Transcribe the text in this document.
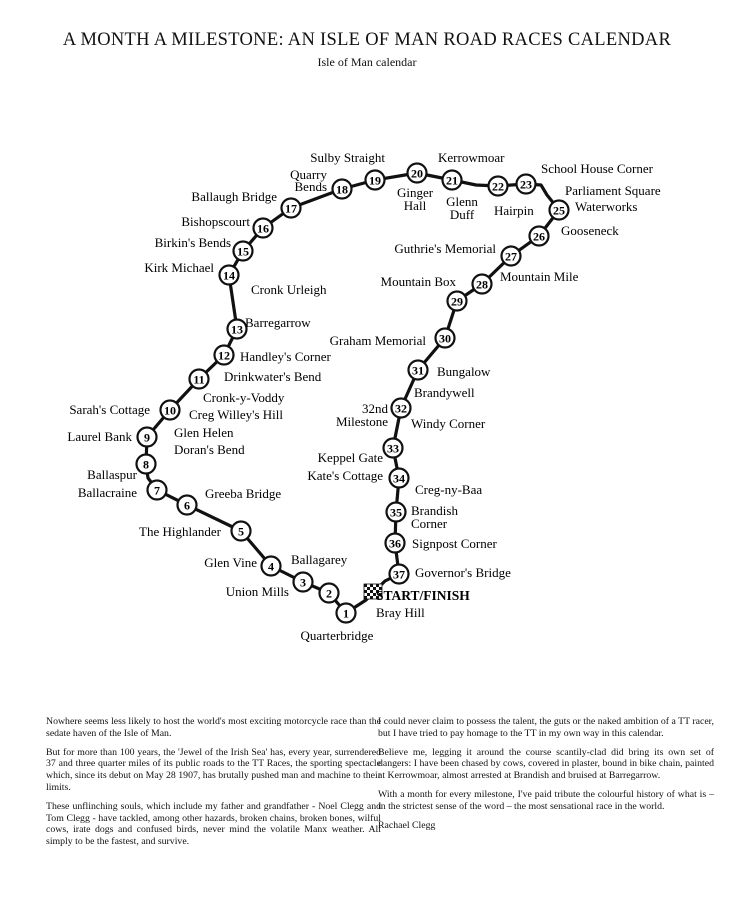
A MONTH A MILESTONE: AN ISLE OF MAN ROAD RACES CALENDAR
Isle of Man calendar
1
2
3
4
5
6
7
8
9
10
11
12
13
14
15
16
17
18
19	20 21	22 23
25
26
27
28
29
30
31
32
33
34
35
36
37
Quarterbridge
Union Mills
Ballagarey
Glen Vine
The Highlander
Greeba Bridge
Ballacraine
Ballaspur
Laurel Bank	Glen Helen
Doran's Bend
Sarah's Cottage
Cronk-y-Voddy
Creg Willey's Hill
Drinkwater's Bend
Handley's Corner
Barregarrow
Cronk Urleigh
Kirk Michael
Birkin's Bends
Bishopscourt
Ballaugh Bridge
Quarry
Bends
Sulby Straight
Ginger
Hall
Kerrowmoar
Glenn
Duff
School House Corner
Hairpin
Parliament Square
Waterworks
Gooseneck
Guthrie's Memorial
Mountain Mile
Mountain Box
Graham Memorial
Bungalow
Brandywell
32nd
Milestone Windy Corner
Keppel Gate
Kate's Cottage
Creg-ny-Baa
Brandish
Corner
Signpost Corner
Governor's Bridge
START/FINISH
Bray Hill

Nowhere seems less likely to host the world's most exciting motorcycle race than the sedate haven of the Isle of Man.

But for more than 100 years, the 'Jewel of the Irish Sea' has, every year, surrendered 37 and three quarter miles of its public roads to the TT Races, the sporting spectacle which, since its debut on May 28 1907, has brutally pushed man and machine to their limits.

These unflinching souls, which include my father and grandfather - Noel Clegg and Tom Clegg - have tackled, among other hazards, broken chains, broken bones, wilful cows, irate dogs and confused birds, never mind the volatile Manx weather. All simply to be the fastest, and survive.

I could never claim to possess the talent, the guts or the naked ambition of a TT racer, but I have tried to pay homage to the TT in my own way in this calendar.

Believe me, legging it around the course scantily-clad did bring its own set of dangers: I have been chased by cows, covered in plaster, bound in bike chain, painted at Kerrowmoar, almost arrested at Brandish and bruised at Barregarrow.

With a month for every milestone, I've paid tribute the colourful history of what is – in the strictest sense of the word – the most sensational race in the world.

Rachael Clegg
